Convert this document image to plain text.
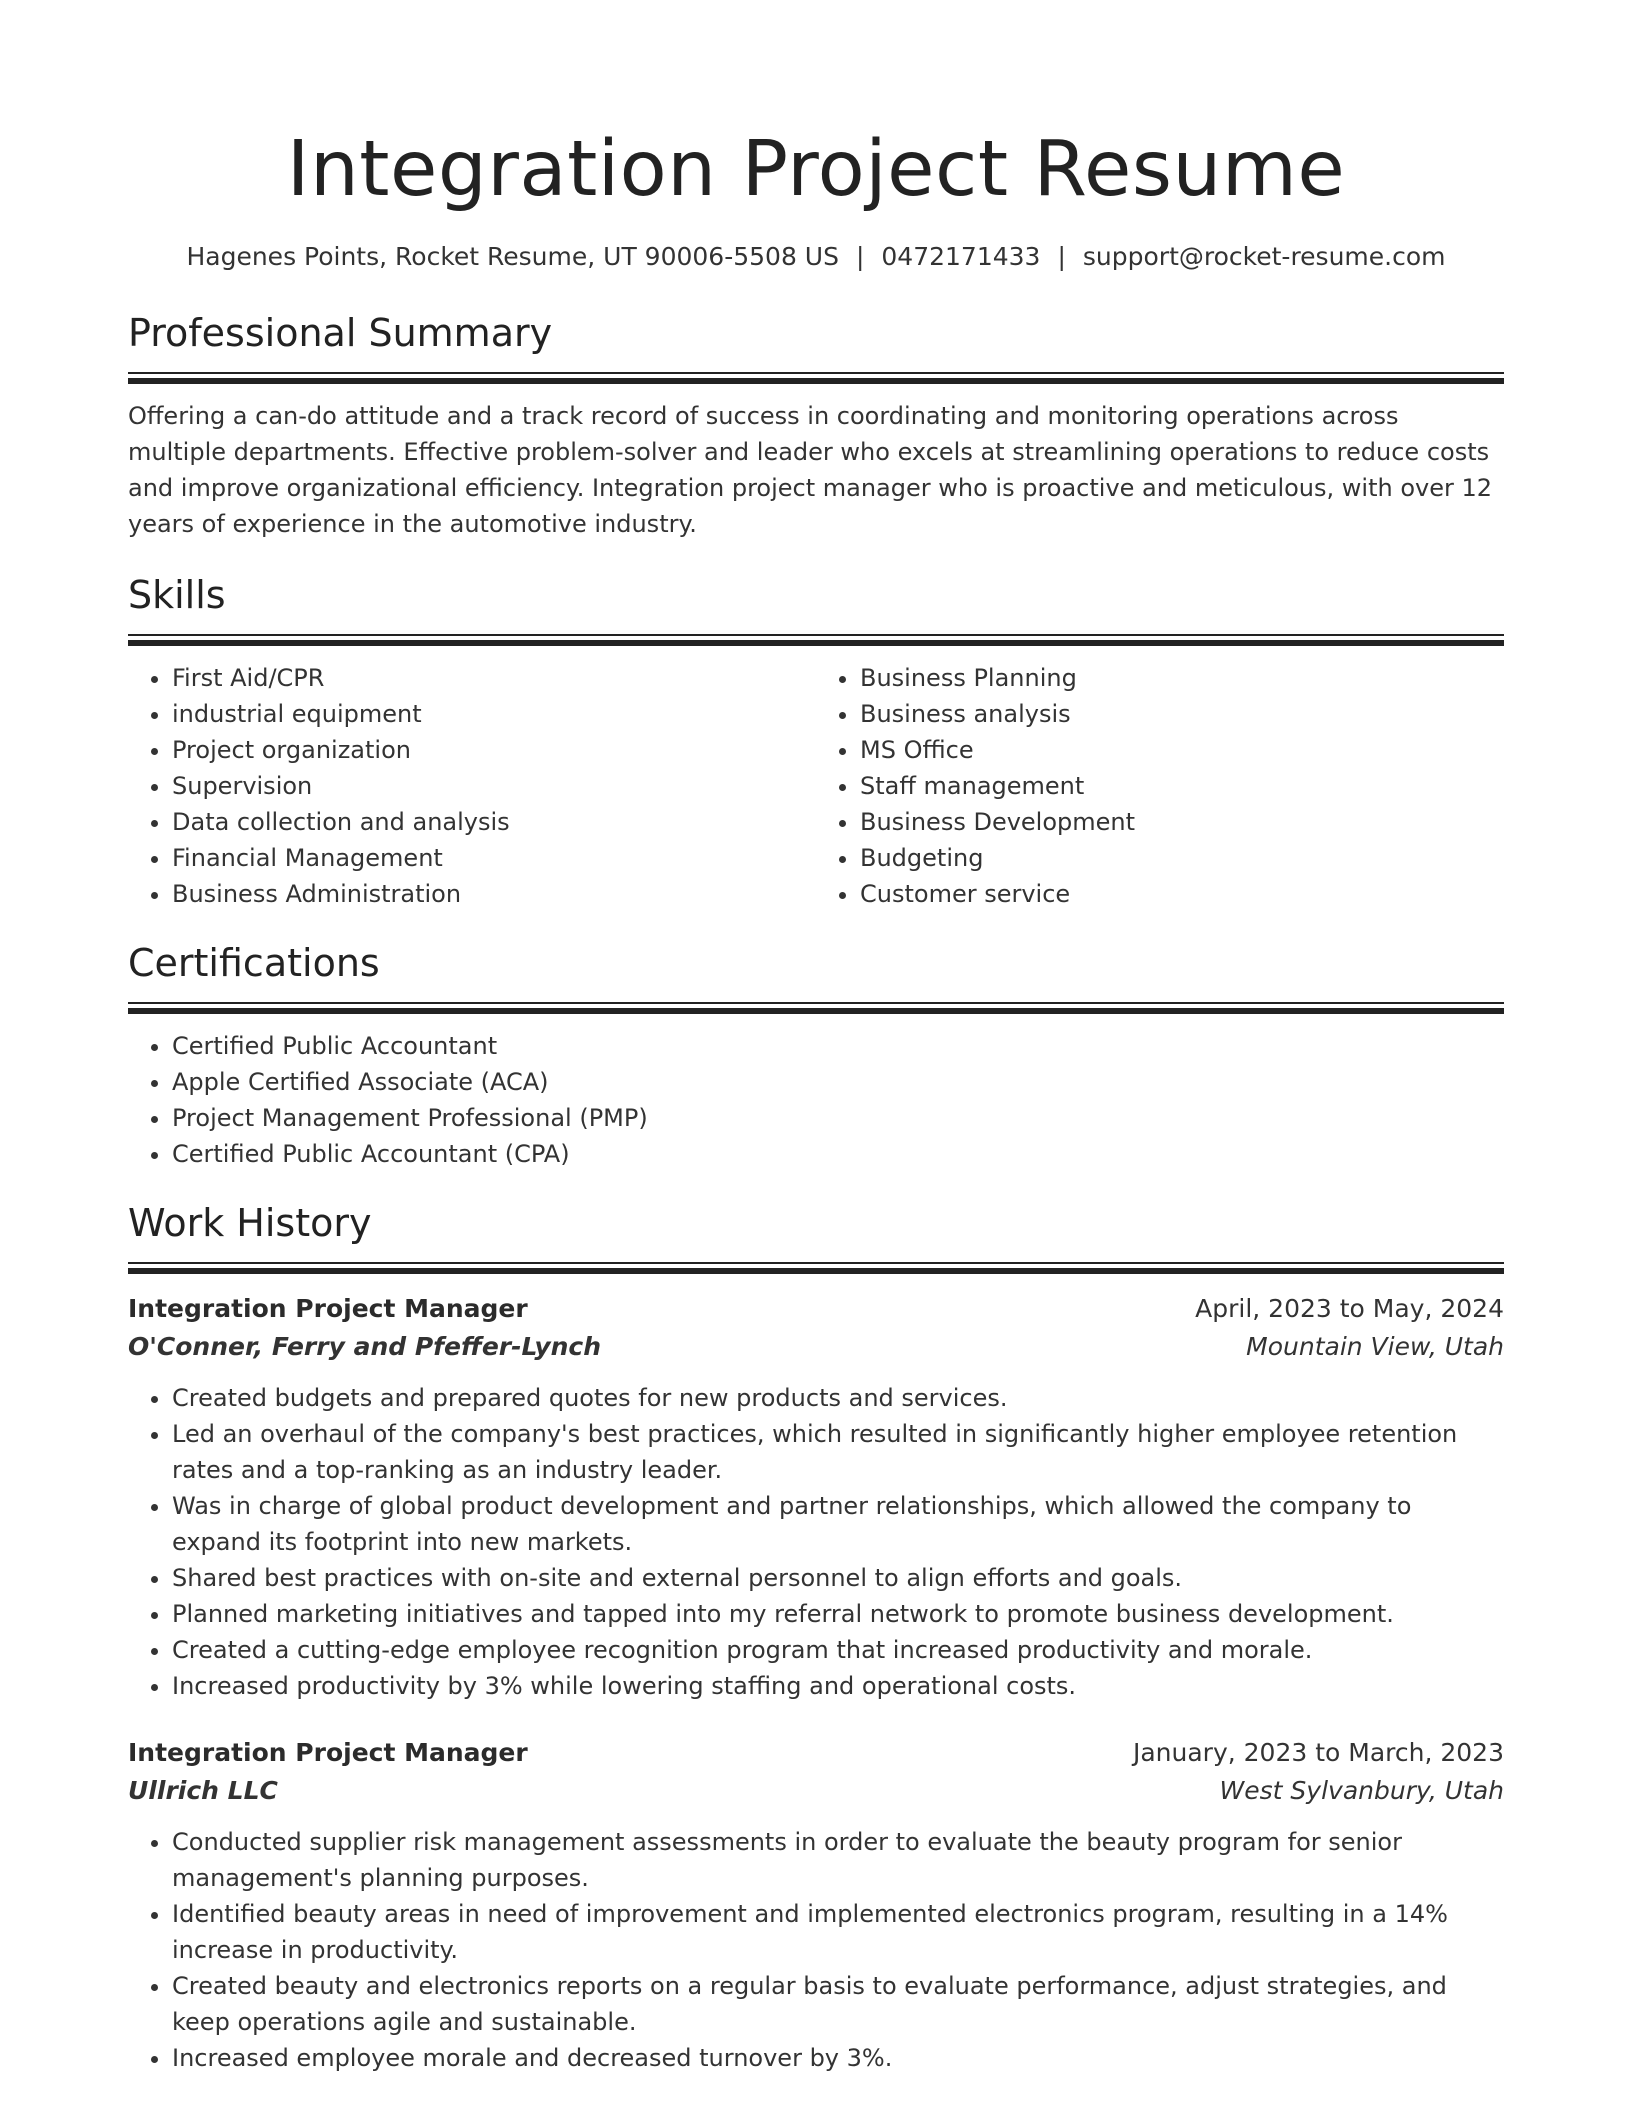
Integration Project Resume
Hagenes Points, Rocket Resume, UT 90006-5508 US | 0472171433 | support@rocket-resume.com
Professional Summary

Offering a can-do attitude and a track record of success in coordinating and monitoring operations across multiple departments. Effective problem-solver and leader who excels at streamlining operations to reduce costs and improve organizational efficiency. Integration project manager who is proactive and meticulous, with over 12 years of experience in the automotive industry.

Skills
• First Aid/CPR
• industrial equipment
• Project organization
• Supervision
• Data collection and analysis
• Financial Management
• Business Administration
• Business Planning
• Business analysis
• MS Office
• Staff management
• Business Development
• Budgeting
• Customer service
Certifications
• Certified Public Accountant
• Apple Certified Associate (ACA)
• Project Management Professional (PMP)
• Certified Public Accountant (CPA)
Work History
Integration Project Manager	April, 2023 to May, 2024
O'Conner, Ferry and Pfeffer-Lynch	Mountain View, Utah
• Created budgets and prepared quotes for new products and services.
• Led an overhaul of the company's best practices, which resulted in significantly higher employee retention rates and a top-ranking as an industry leader.
• Was in charge of global product development and partner relationships, which allowed the company to expand its footprint into new markets.
• Shared best practices with on-site and external personnel to align efforts and goals.
• Planned marketing initiatives and tapped into my referral network to promote business development.
• Created a cutting-edge employee recognition program that increased productivity and morale.
• Increased productivity by 3% while lowering staffing and operational costs.
Integration Project Manager	January, 2023 to March, 2023
Ullrich LLC	West Sylvanbury, Utah
• Conducted supplier risk management assessments in order to evaluate the beauty program for senior management's planning purposes.
• Identified beauty areas in need of improvement and implemented electronics program, resulting in a 14% increase in productivity.
• Created beauty and electronics reports on a regular basis to evaluate performance, adjust strategies, and keep operations agile and sustainable.
• Increased employee morale and decreased turnover by 3%.
